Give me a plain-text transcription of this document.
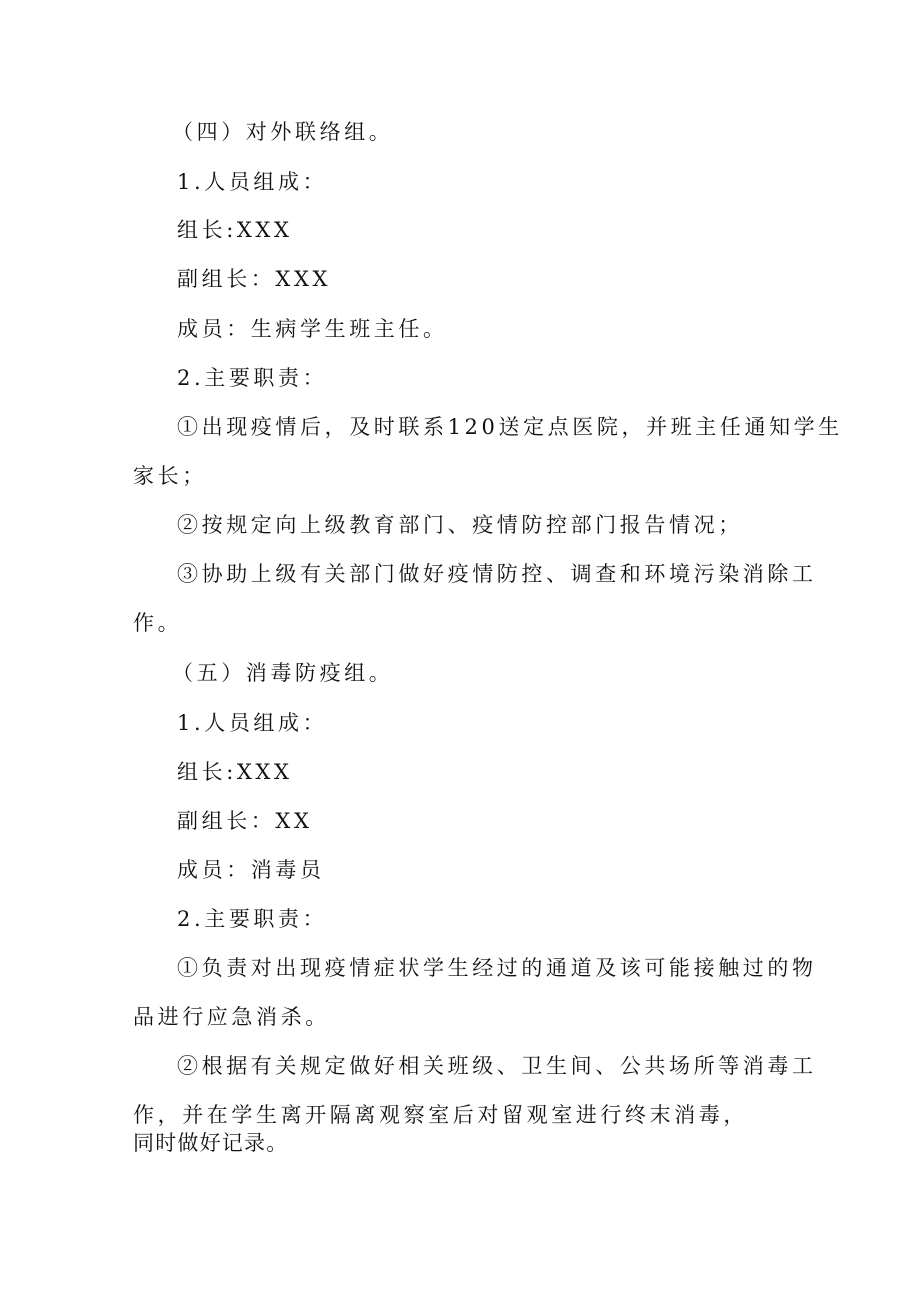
（四）对外联络组。

1.人员组成：

组长:XXX

副组长：XXX

成员：生病学生班主任。

2.主要职责：

①出现疫情后，及时联系120送定点医院，并班主任通知学生

家长；

②按规定向上级教育部门、疫情防控部门报告情况；

③协助上级有关部门做好疫情防控、调查和环境污染消除工

作。

（五）消毒防疫组。

1.人员组成：

组长:XXX

副组长：XX

成员：消毒员

2.主要职责：

①负责对出现疫情症状学生经过的通道及该可能接触过的物

品进行应急消杀。

②根据有关规定做好相关班级、卫生间、公共场所等消毒工

作，并在学生离开隔离观察室后对留观室进行终末消毒，

同时做好记录。
